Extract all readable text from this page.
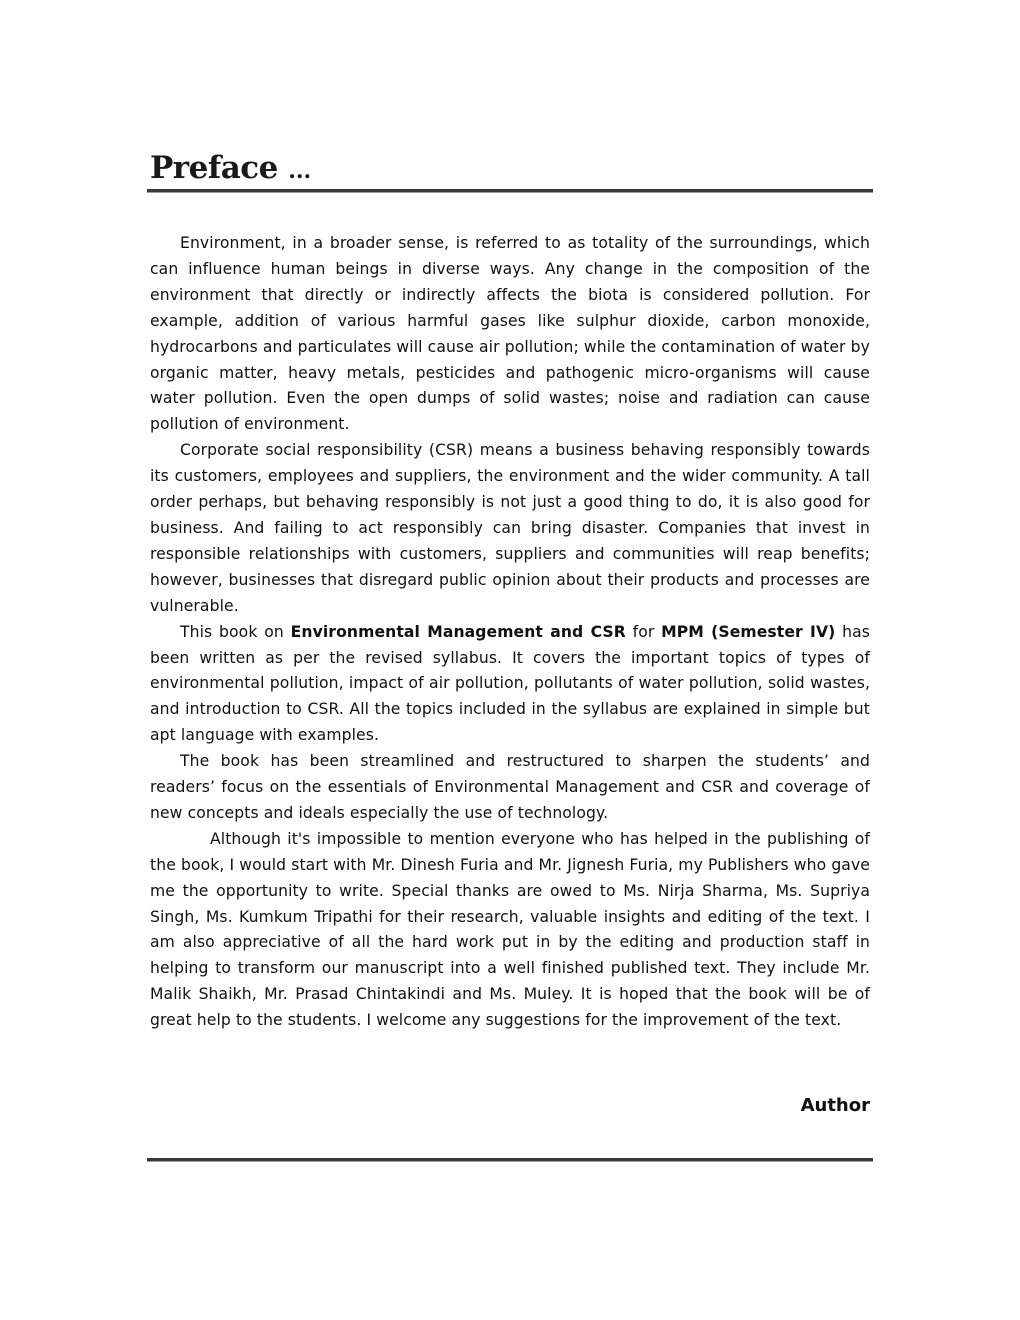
Preface ...

Environment, in a broader sense, is referred to as totality of the surroundings, which can influence human beings in diverse ways. Any change in the composition of the environment that directly or indirectly affects the biota is considered pollution. For example, addition of various harmful gases like sulphur dioxide, carbon monoxide, hydrocarbons and particulates will cause air pollution; while the contamination of water by organic matter, heavy metals, pesticides and pathogenic micro-organisms will cause water pollution. Even the open dumps of solid wastes; noise and radiation can cause pollution of environment.

Corporate social responsibility (CSR) means a business behaving responsibly towards its customers, employees and suppliers, the environment and the wider community. A tall order perhaps, but behaving responsibly is not just a good thing to do, it is also good for business. And failing to act responsibly can bring disaster. Companies that invest in responsible relationships with customers, suppliers and communities will reap benefits; however, businesses that disregard public opinion about their products and processes are vulnerable.

This book on Environmental Management and CSR for MPM (Semester IV) has been written as per the revised syllabus. It covers the important topics of types of environmental pollution, impact of air pollution, pollutants of water pollution, solid wastes, and introduction to CSR. All the topics included in the syllabus are explained in simple but apt language with examples.

The book has been streamlined and restructured to sharpen the students’ and readers’ focus on the essentials of Environmental Management and CSR and coverage of new concepts and ideals especially the use of technology.

Although it's impossible to mention everyone who has helped in the publishing of the book, I would start with Mr. Dinesh Furia and Mr. Jignesh Furia, my Publishers who gave me the opportunity to write. Special thanks are owed to Ms. Nirja Sharma, Ms. Supriya Singh, Ms. Kumkum Tripathi for their research, valuable insights and editing of the text. I am also appreciative of all the hard work put in by the editing and production staff in helping to transform our manuscript into a well finished published text. They include Mr. Malik Shaikh, Mr. Prasad Chintakindi and Ms. Muley. It is hoped that the book will be of great help to the students. I welcome any suggestions for the improvement of the text.

Author
